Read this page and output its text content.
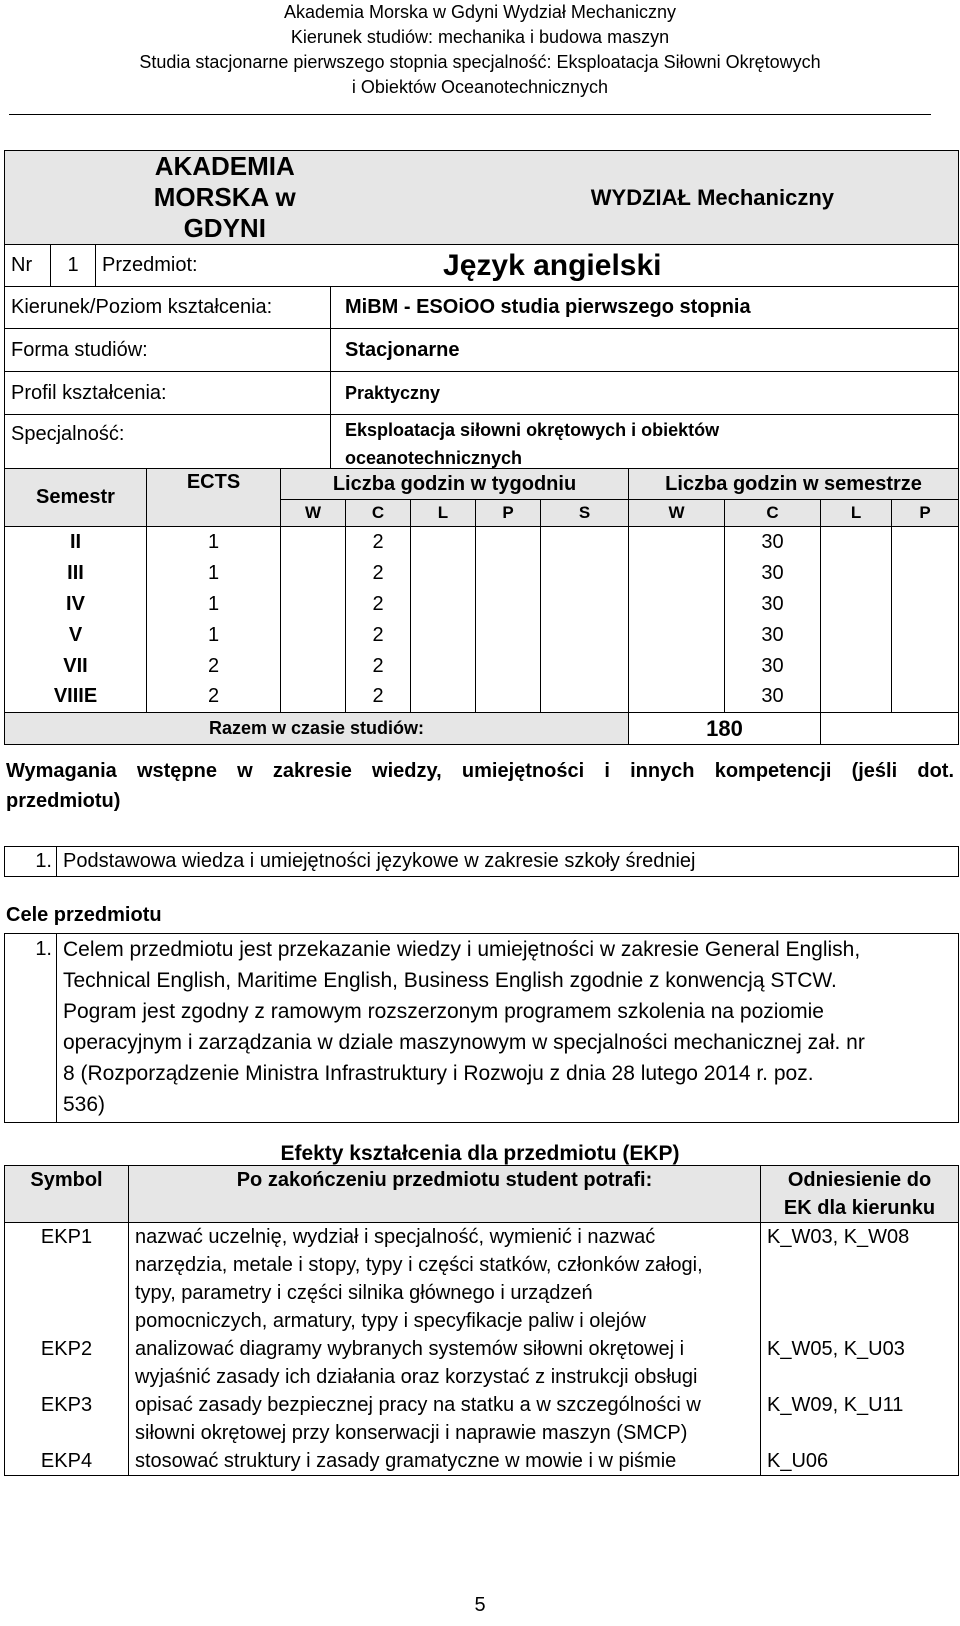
Akademia Morska w Gdyni Wydział Mechaniczny
Kierunek studiów: mechanika i budowa maszyn
Studia stacjonarne pierwszego stopnia specjalność: Eksploatacja Siłowni Okrętowych
i Obiektów Oceanotechnicznych
AKADEMIA MORSKA w GDYNI			WYDZIAŁ Mechaniczny
Nr	1	Przedmiot:	Język angielski
Kierunek/Poziom kształcenia:			MiBM - ESOiOO studia pierwszego stopnia
Forma studiów:			Stacjonarne
Profil kształcenia:			Praktyczny
Specjalność:			Eksploatacja siłowni okrętowych i obiektów
oceanotechnicznych
Semestr	ECTS	Liczba godzin w tygodniu					Liczba godzin w semestrze			
		W	C	L	P	S	W	C	L	P
II	1		2					30		
III	1		2					30		
IV	1		2					30		
V	1		2					30		
VII	2		2					30		
VIIIE	2		2					30		
Razem w czasie studiów:							180			
Wymagania wstępne w zakresie wiedzy, umiejętności i innych kompetencji (jeśli dot.
przedmiotu)
1.	Podstawowa wiedza i umiejętności językowe w zakresie szkoły średniej
Cele przedmiotu
1.	Celem przedmiotu jest przekazanie wiedzy i umiejętności w zakresie General English,
Technical English, Maritime English, Business English zgodnie z konwencją STCW.
Pogram jest zgodny z ramowym rozszerzonym programem szkolenia na poziomie
operacyjnym i zarządzania w dziale maszynowym w specjalności mechanicznej zał. nr
8 (Rozporządzenie Ministra Infrastruktury i Rozwoju z dnia 28 lutego 2014 r. poz.
536)
Efekty kształcenia dla przedmiotu (EKP)
Symbol	Po zakończeniu przedmiotu student potrafi:	Odniesienie do
EK dla kierunku

EKP1	nazwać uczelnię, wydział i specjalność, wymienić i nazwać
narzędzia, metale i stopy, typy i części statków, członków załogi,
typy, parametry i części silnika głównego i urządzeń
pomocniczych, armatury, typy i specyfikacje paliw i olejów	K_W03, K_W08
EKP2	analizować diagramy wybranych systemów siłowni okrętowej i
wyjaśnić zasady ich działania oraz korzystać z instrukcji obsługi	K_W05, K_U03
EKP3	opisać zasady bezpiecznej pracy na statku a w szczególności w
siłowni okrętowej przy konserwacji i naprawie maszyn (SMCP)	K_W09, K_U11
EKP4	stosować struktury i zasady gramatyczne w mowie i w piśmie	K_U06
5
